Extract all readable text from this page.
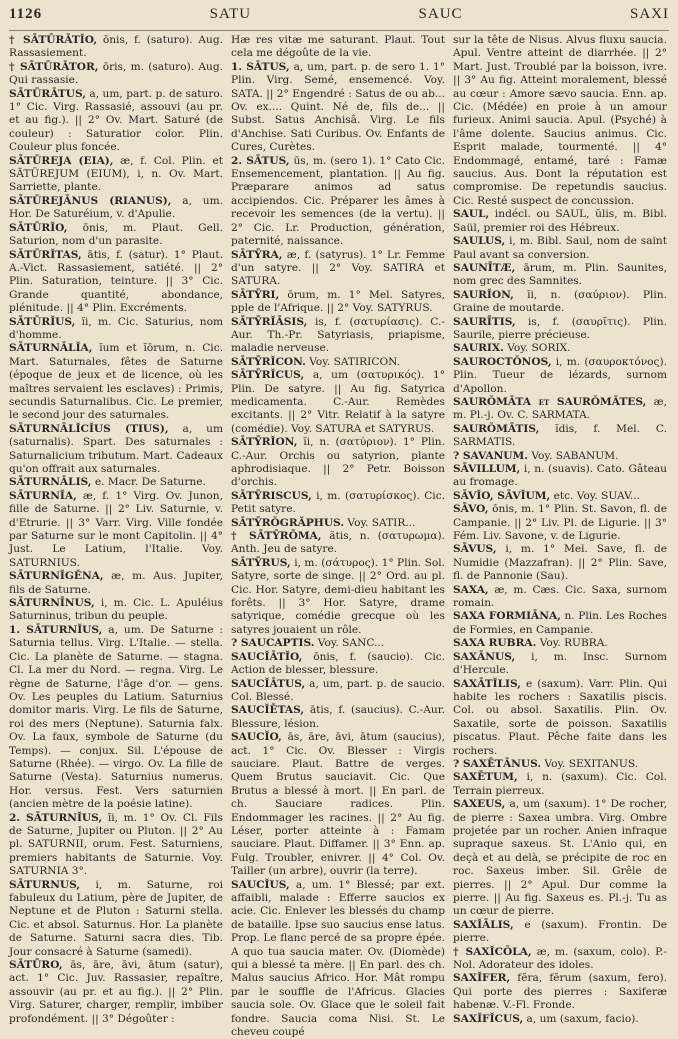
1126	SATU	SAUC	SAXI

† SĀTŪRĀTĬO, ōnis, f. (saturo). Aug. Rassasiement.

† SĀTŪRĀTOR, ōris, m. (saturo). Aug. Qui rassasie.

SĀTŪRĀTUS, a, um, part. p. de saturo. 1° Cic. Virg. Rassasié, assouvi (au pr. et au fig.). || 2° Ov. Mart. Saturé (de couleur) : Saturatior color. Plin. Couleur plus foncée.

SĀTŪREJA (EIA), æ, f. Col. Plin. et SĀTŪREJUM (EIUM), i, n. Ov. Mart. Sarriette, plante.

SĀTŪREJĀNUS (RIANUS), a, um. Hor. De Saturéium, v. d'Apulie.

SĀTŪRĬO, ōnis, m. Plaut. Gell. Saturion, nom d'un parasite.

SĀTŪRĬTAS, ātis, f. (satur). 1° Plaut. A.-Vict. Rassasiement, satiété. || 2° Plin. Saturation, teinture. || 3° Cic. Grande quantité, abondance, plénitude. || 4° Plin. Excréments.

SĀTŪRĬUS, ĭi, m. Cic. Saturius, nom d'homme.

SĀTURNĀLĬA, ĭum et ĭōrum, n. Cic. Mart. Saturnales, fêtes de Saturne (époque de jeux et de licence, où les maîtres servaient les esclaves) : Primis, secundis Saturnalibus. Cic. Le premier, le second jour des saturnales.

SĀTURNĀLĬCĬUS (TIUS), a, um (saturnalis). Spart. Des saturnales : Saturnalicium tributum. Mart. Cadeaux qu'on offrait aux saturnales.

SĀTURNĀLIS, e. Macr. De Saturne.

SĀTURNĬA, æ, f. 1° Virg. Ov. Junon, fille de Saturne. || 2° Liv. Saturnie, v. d'Etrurie. || 3° Varr. Virg. Ville fondée par Saturne sur le mont Capitolin. || 4° Just. Le Latium, l'Italie. Voy. SATURNIUS.

SĀTURNĬGĔNA, æ, m. Aus. Jupiter, fils de Saturne.

SĀTURNĪNUS, i, m. Cic. L. Apuléius Saturninus, tribun du peuple.

1. SĀTURNĬUS, a, um. De Saturne : Saturnia tellus. Virg. L'Italie. — stella. Cic. La planète de Saturne. — stagna. Cl. La mer du Nord. — regna. Virg. Le règne de Saturne, l'âge d'or. — gens. Ov. Les peuples du Latium. Saturnius domitor maris. Virg. Le fils de Saturne, roi des mers (Neptune). Saturnia falx. Ov. La faux, symbole de Saturne (du Temps). — conjux. Sil. L'épouse de Saturne (Rhée). — virgo. Ov. La fille de Saturne (Vesta). Saturnius numerus. Hor. versus. Fest. Vers saturnien (ancien mètre de la poésie latine).

2. SĀTURNĬUS, ĭi, m. 1° Ov. Cl. Fils de Saturne, Jupiter ou Pluton. || 2° Au pl. SATURNII, orum. Fest. Saturniens, premiers habitants de Saturnie. Voy. SATURNIA 3°.

SĀTURNUS, i, m. Saturne, roi fabuleux du Latium, père de Jupiter, de Neptune et de Pluton : Saturni stella. Cic. et absol. Saturnus. Hor. La planète de Saturne. Saturni sacra dies. Tib. Jour consacré à Saturne (samedi).

SĀTŪRO, ās, āre, āvi, ātum (satur), act. 1° Cic. Juv. Rassasier, repaître, assouvir (au pr. et au fig.). || 2° Plin. Virg. Saturer, charger, remplir, imbiber profondément. || 3° Dégoûter :

Hæ res vitæ me saturant. Plaut. Tout cela me dégoûte de la vie.

1. SĀTUS, a, um, part. p. de sero 1. 1° Plin. Virg. Semé, ensemencé. Voy. SATA. || 2° Engendré : Satus de ou ab... Ov. ex.... Quint. Né de, fils de... || Subst. Satus Anchisâ. Virg. Le fils d'Anchise. Sati Curibus. Ov. Enfants de Cures, Curètes.

2. SĀTUS, ūs, m. (sero 1). 1° Cato Cic. Ensemencement, plantation. || Au fig. Præparare animos ad satus accipiendos. Cic. Préparer les âmes à recevoir les semences (de la vertu). || 2° Cic. Lr. Production, génération, paternité, naissance.

SĀTȲRA, æ, f. (satyrus). 1° Lr. Femme d'un satyre. || 2° Voy. SATIRA et SATURA.

SĀTȲRI, ōrum, m. 1° Mel. Satyres, pple de l'Afrique. || 2° Voy. SATYRUS.

SĀTȲRĬĀSIS, is, f. (σατυρίασις). C.-Aur. Th.-Pr. Satyriasis, priapisme, maladie nerveuse.

SĀTȲRĬCON. Voy. SATIRICON.

SĀTȲRĬCUS, a, um (σατυρικός). 1° Plin. De satyre. || Au fig. Satyrica medicamenta. C.-Aur. Remèdes excitants. || 2° Vitr. Relatif à la satyre (comédie). Voy. SATURA et SATYRUS.

SĀTȲRĬON, ĭi, n. (σατύριον). 1° Plin. C.-Aur. Orchis ou satyrion, plante aphrodisiaque. || 2° Petr. Boisson d'orchis.

SĀTȲRISCUS, i, m. (σατυρίσκος). Cic. Petit satyre.

SĀTȲRŎGRĂPHUS. Voy. SATIR...

† SĀTȲRŌMA, ătis, n. (σατυρωμα). Anth. Jeu de satyre.

SĀTȲRUS, i, m. (σάτυρος). 1° Plin. Sol. Satyre, sorte de singe. || 2° Ord. au pl. Cic. Hor. Satyre, demi-dieu habitant les forêts. || 3° Hor. Satyre, drame satyrique, comédie grecque où les satyres jouaient un rôle.

? SAUCAPTIS. Voy. SANC...

SAUCĬĀTĬO, ōnis, f. (saucio). Cic. Action de blesser, blessure.

SAUCĬĀTUS, a, um, part. p. de saucio. Col. Blessé.

SAUCĬĒTAS, ātis, f. (saucius). C.-Aur. Blessure, lésion.

SAUCĬO, ās, āre, āvi, ātum (saucius), act. 1° Cic. Ov. Blesser : Virgis sauciare. Plaut. Battre de verges. Quem Brutus sauciavit. Cic. Que Brutus a blessé à mort. || En parl. de ch. Sauciare radices. Plin. Endommager les racines. || 2° Au fig. Léser, porter atteinte à : Famam sauciare. Plaut. Diffamer. || 3° Enn. ap. Fulg. Troubler, enivrer. || 4° Col. Ov. Tailler (un arbre), ouvrir (la terre).

SAUCĬUS, a, um. 1° Blessé; par ext. affaibli, malade : Efferre saucios ex acie. Cic. Enlever les blessés du champ de bataille. Ipse suo saucius ense latus. Prop. Le flanc percé de sa propre épée. A quo tua saucia mater. Ov. (Diomède) qui a blessé ta mère. || En parl. des ch. Malus saucius Africo. Hor. Mât rompu par le souffle de l'Africus. Glacies saucia sole. Ov. Glace que le soleil fait fondre. Saucia coma Nisi. St. Le cheveu coupé

sur la tête de Nisus. Alvus fluxu saucia. Apul. Ventre atteint de diarrhée. || 2° Mart. Just. Troublé par la boisson, ivre. || 3° Au fig. Atteint moralement, blessé au cœur : Amore sævo saucia. Enn. ap. Cic. (Médée) en proie à un amour furieux. Animi saucia. Apul. (Psyché) à l'âme dolente. Saucius animus. Cic. Esprit malade, tourmenté. || 4° Endommagé, entamé, taré : Famæ saucius. Aus. Dont la réputation est compromise. De repetundis saucius. Cic. Resté suspect de concussion.

SAUL, indécl. ou SAUL, ŭlis, m. Bibl. Saül, premier roi des Hébreux.

SAULUS, i, m. Bibl. Saul, nom de saint Paul avant sa conversion.

SAUNĪTÆ, ārum, m. Plin. Saunites, nom grec des Samnites.

SAURĬON, ĭi, n. (σαύριον). Plin. Graine de moutarde.

SAURĪTIS, is, f. (σαυρῖτις). Plin. Saurile, pierre précieuse.

SAURIX. Voy. SORIX.

SAUROCTŎNOS, i, m. (σαυροκτόνος). Plin. Tueur de lézards, surnom d'Apollon.

SAURŎMĀTA et SAURŎMĀTES, æ, m. Pl.-j. Ov. C. SARMATA.

SAURŎMĀTIS, ĭdis, f. Mel. C. SARMATIS.

? SAVANUM. Voy. SABANUM.

SĀVILLUM, i, n. (suavis). Cato. Gâteau au fromage.

SĀVĬO, SĀVĬUM, etc. Voy. SUAV...

SĀVO, ōnis, m. 1° Plin. St. Savon, fl. de Campanie. || 2° Liv. Pl. de Ligurie. || 3° Fém. Liv. Savone, v. de Ligurie.

SĀVUS, i, m. 1° Mel. Save, fl. de Numidie (Mazzafran). || 2° Plin. Save, fl. de Pannonie (Sau).

SAXA, æ, m. Cæs. Cic. Saxa, surnom romain.

SAXA FORMIĀNA, n. Plin. Les Roches de Formies, en Campanie.

SAXA RUBRA. Voy. RUBRA.

SAXĀNUS, i, m. Insc. Surnom d'Hercule.

SAXĀTĬLIS, e (saxum). Varr. Plin. Qui habite les rochers : Saxatilis piscis. Col. ou absol. Saxatilis. Plin. Ov. Saxatile, sorte de poisson. Saxatilis piscatus. Plaut. Pêche faite dans les rochers.

? SAXĒTĀNUS. Voy. SEXITANUS.

SAXĒTUM, i, n. (saxum). Cic. Col. Terrain pierreux.

SAXEUS, a, um (saxum). 1° De rocher, de pierre : Saxea umbra. Virg. Ombre projetée par un rocher. Anien infraque supraque saxeus. St. L'Anio qui, en deçà et au delà, se précipite de roc en roc. Saxeus imber. Sil. Grêle de pierres. || 2° Apul. Dur comme la pierre. || Au fig. Saxeus es. Pl.-j. Tu as un cœur de pierre.

SAXĬĀLIS, e (saxum). Frontin. De pierre.

† SAXĬCŎLA, æ, m. (saxum, colo). P.-Nol. Adorateur des idoles.

SAXĬFER, fĕra, fĕrum (saxum, fero). Qui porte des pierres : Saxiferæ habenæ. V.-Fl. Fronde.

SAXĬFĬCUS, a, um (saxum, facio).
